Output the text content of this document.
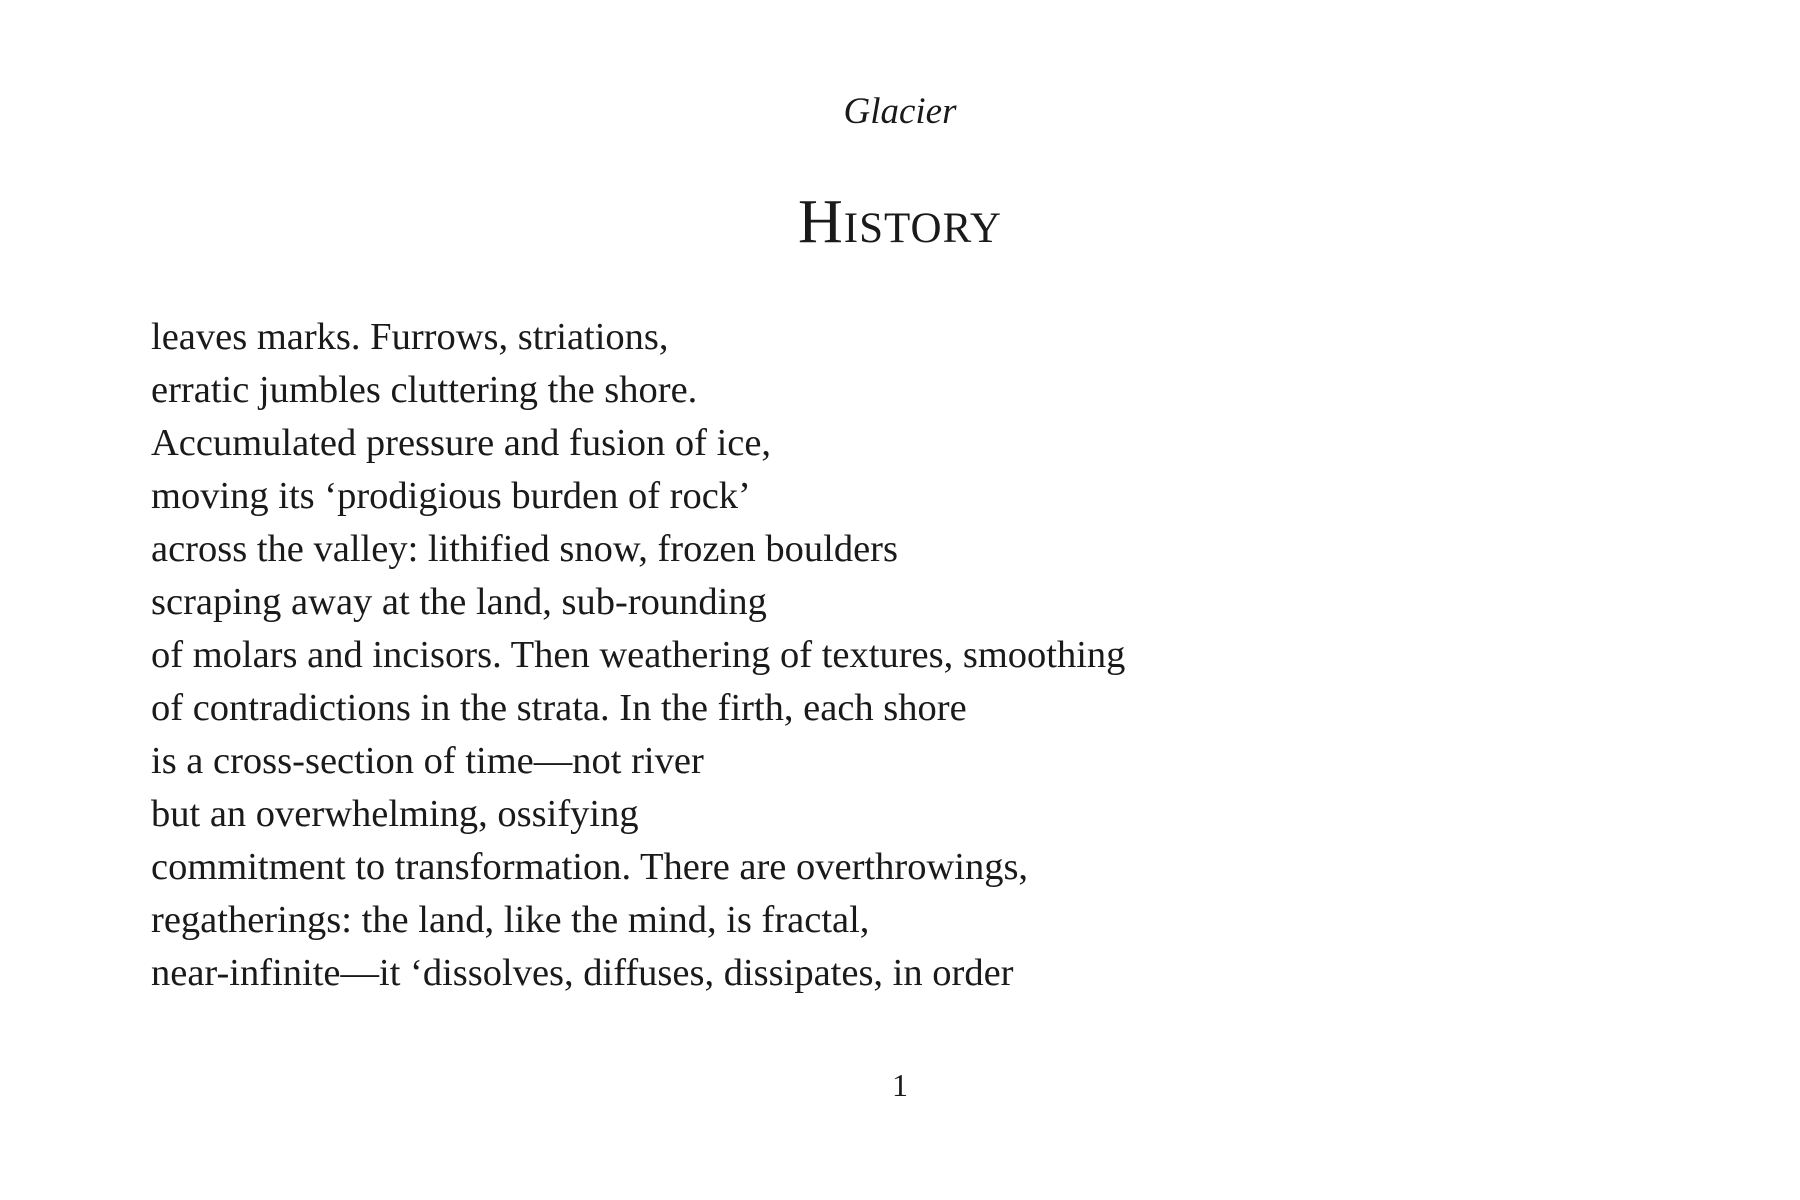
Glacier
History
leaves marks. Furrows, striations,
erratic jumbles cluttering the shore.
Accumulated pressure and fusion of ice,
moving its ‘prodigious burden of rock’
across the valley: lithified snow, frozen boulders
scraping away at the land, sub-rounding
of molars and incisors. Then weathering of textures, smoothing
of contradictions in the strata. In the firth, each shore
is a cross-section of time—not river
but an overwhelming, ossifying
commitment to transformation. There are overthrowings,
regatherings: the land, like the mind, is fractal,
near-infinite—it ‘dissolves, diffuses, dissipates, in order
1
